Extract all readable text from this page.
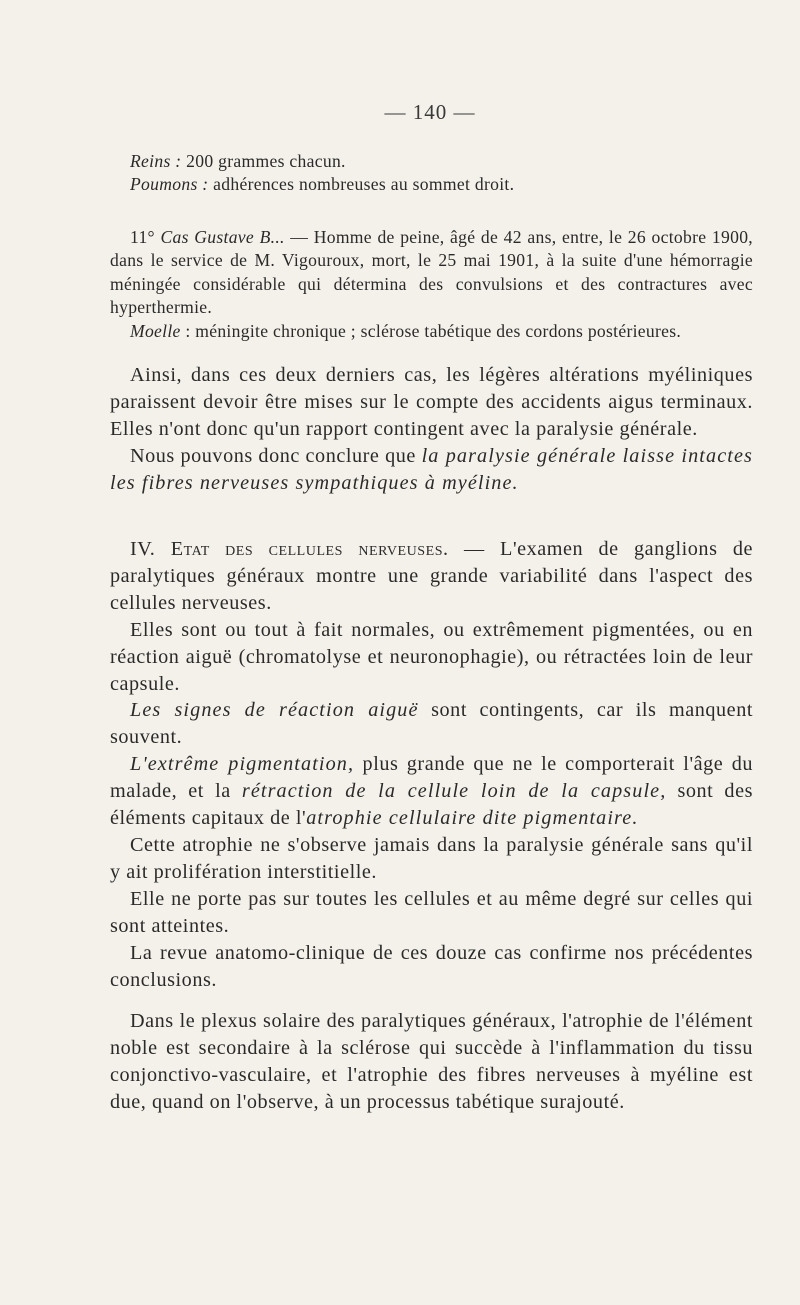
— 140 —

Reins : 200 grammes chacun.

Poumons : adhérences nombreuses au sommet droit.

11° Cas Gustave B... — Homme de peine, âgé de 42 ans, entre, le 26 octobre 1900, dans le service de M. Vigouroux, mort, le 25 mai 1901, à la suite d'une hémorragie méningée considérable qui détermina des convulsions et des contractures avec hyperthermie.

Moelle : méningite chronique ; sclérose tabétique des cordons postérieures.

Ainsi, dans ces deux derniers cas, les légères altérations myéliniques paraissent devoir être mises sur le compte des accidents aigus terminaux. Elles n'ont donc qu'un rapport contingent avec la paralysie générale.

Nous pouvons donc conclure que la paralysie générale laisse intactes les fibres nerveuses sympathiques à myéline.

IV. Etat des cellules nerveuses. — L'examen de ganglions de paralytiques généraux montre une grande variabilité dans l'aspect des cellules nerveuses.

Elles sont ou tout à fait normales, ou extrêmement pigmentées, ou en réaction aiguë (chromatolyse et neuronophagie), ou rétractées loin de leur capsule.

Les signes de réaction aiguë sont contingents, car ils manquent souvent.

L'extrême pigmentation, plus grande que ne le comporterait l'âge du malade, et la rétraction de la cellule loin de la capsule, sont des éléments capitaux de l'atrophie cellulaire dite pigmentaire.

Cette atrophie ne s'observe jamais dans la paralysie générale sans qu'il y ait prolifération interstitielle.

Elle ne porte pas sur toutes les cellules et au même degré sur celles qui sont atteintes.

La revue anatomo-clinique de ces douze cas confirme nos précédentes conclusions.

Dans le plexus solaire des paralytiques généraux, l'atrophie de l'élément noble est secondaire à la sclérose qui succède à l'inflammation du tissu conjonctivo-vasculaire, et l'atrophie des fibres nerveuses à myéline est due, quand on l'observe, à un processus tabétique surajouté.
